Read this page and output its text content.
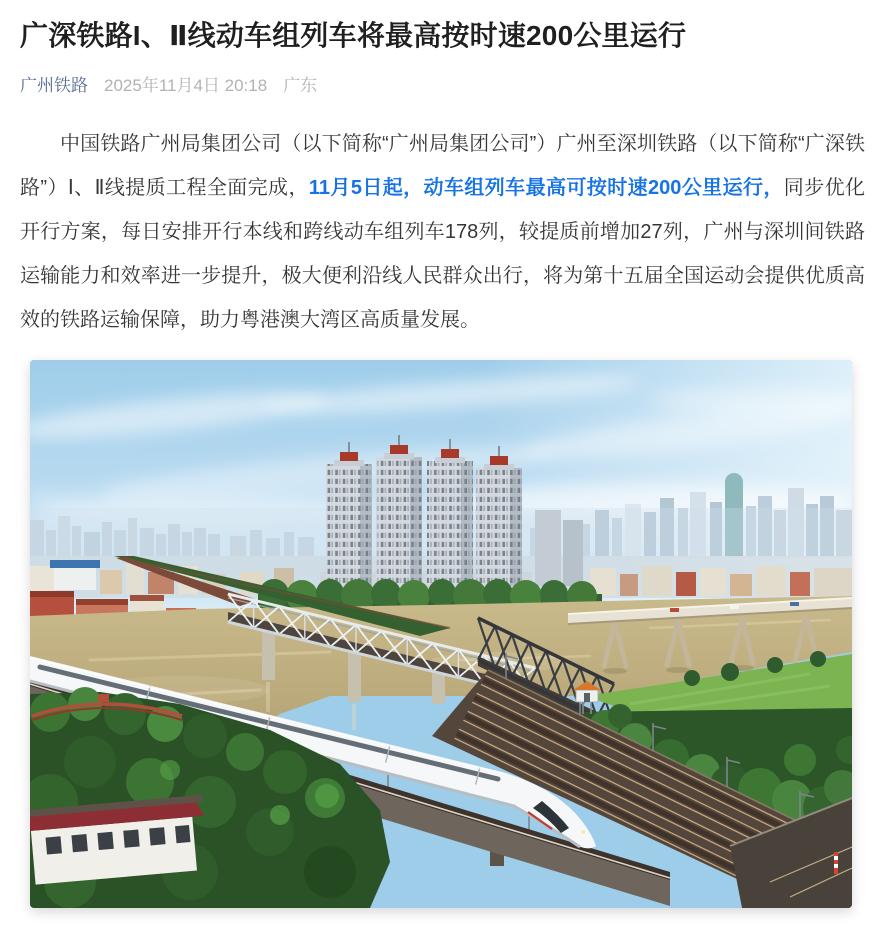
广深铁路I、Ⅱ线动车组列车将最高按时速200公里运行
广州铁路 2025年11月4日 20:18 广东

中国铁路广州局集团公司（以下简称“广州局集团公司”）广州至深圳铁路（以下简称“广深铁路”）Ⅰ、Ⅱ线提质工程全面完成，11月5日起，动车组列车最高可按时速200公里运行，同步优化开行方案，每日安排开行本线和跨线动车组列车178列，较提质前增加27列，广州与深圳间铁路运输能力和效率进一步提升，极大便利沿线人民群众出行，将为第十五届全国运动会提供优质高效的铁路运输保障，助力粤港澳大湾区高质量发展。
